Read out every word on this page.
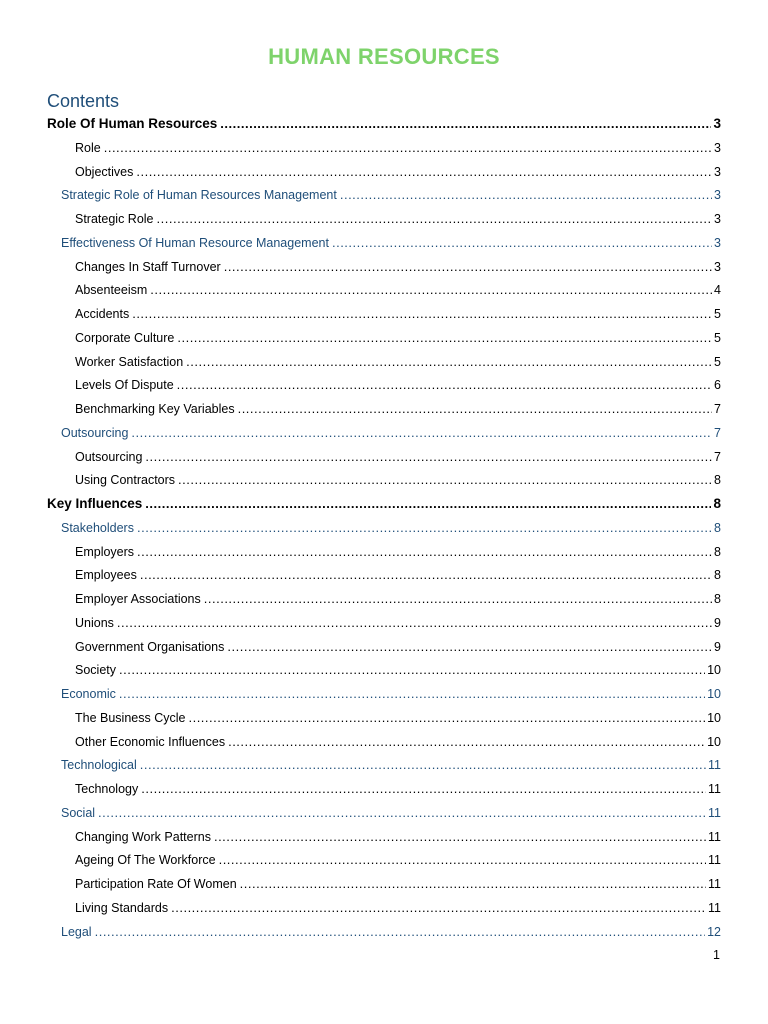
HUMAN RESOURCES
Contents
Role Of Human Resources .....	3
Role .....	3
Objectives .....	3
Strategic Role of Human Resources Management .....	3
Strategic Role .....	3
Effectiveness Of Human Resource Management .....	3
Changes In Staff Turnover .....	3
Absenteeism .....	4
Accidents .....	5
Corporate Culture .....	5
Worker Satisfaction .....	5
Levels Of Dispute .....	6
Benchmarking Key Variables .....	7
Outsourcing .....	7
Outsourcing .....	7
Using Contractors .....	8
Key Influences .....	8
Stakeholders .....	8
Employers .....	8
Employees .....	8
Employer Associations .....	8
Unions .....	9
Government Organisations .....	9
Society .....	10
Economic .....	10
The Business Cycle .....	10
Other Economic Influences .....	10
Technological .....	11
Technology .....	11
Social .....	11
Changing Work Patterns .....	11
Ageing Of The Workforce .....	11
Participation Rate Of Women .....	11
Living Standards .....	11
Legal .....	12
1
